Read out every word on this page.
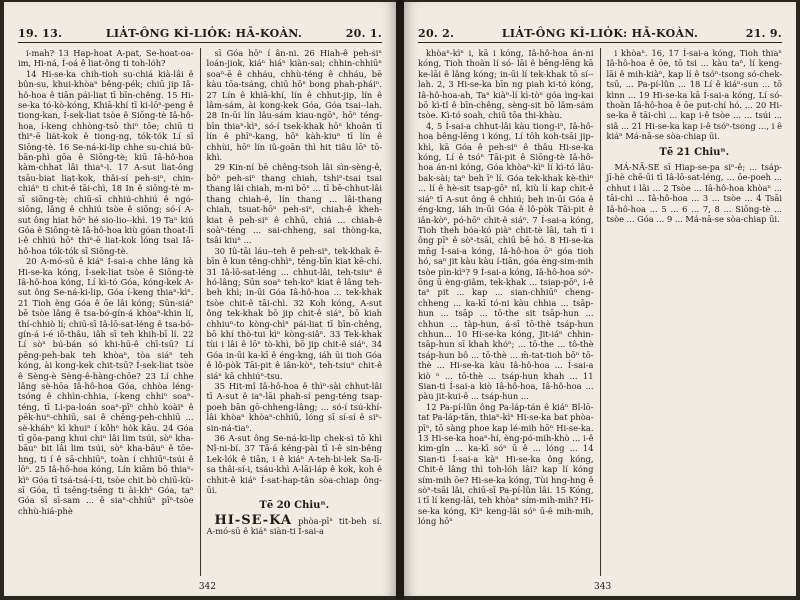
19. 13.	LIA̍T-ÔNG KÌ-LIO̍K: HĀ-KOÀN.	20. 1.

i-mah? 13 Hap-hoat A-pat, Se-hoat-oa-im, Hi-ná, Í-oá ê liat-ông ti toh-lóh?

14 Hi-se-ka chih-tioh su-chiá kià-lâi ê bûn-su, khui-khòaⁿ bêng-pék; chiū jip Iâ-hô-hoa ê tiān pái-liat tī bīn-chêng. 15 Hi-se-ka tó-kò-kóng, Khiā-khí tī ki-lōⁿ-peng ê tiong-kan, Í-sek-liat tsòe ê Siōng-tè Iâ-hô-hoa, í-keng chhòng-tsō thiⁿ tōe; chiū ti thiⁿ-ē lia̍t-kok ê tiong-ng, tók-tók Lí sī Siōng-tè. 16 Se-ná-ki-lip chhe su-chiá bû-bān-phì gōa ê Siōng-tè; kiū Iâ-hô-hoa kàm-chhat lâi thiaⁿ-i. 17 A-sut liat-ông tsāu-biat liat-kok, thâi-sí peh-siⁿ, chin-chiáⁿ ti chit-ê tāi-chì, 18 In ê siōng-tè m-sī siōng-tè; chiū-sī chhiú-chhiú ê ngó-siōng, lâng ê chhiú tsòe ê siōng; só-í A-sut ông hiat hōⁿ hé sio-lio--khì. 19 Taⁿ kiú Góa ê Siōng-tè Iâ-hô-hoa kiù góan thoat-lī i-ê chhiú hōⁿ thiⁿ-ē liat-kok lóng tsai Iâ-hô-hoa tók-tók sī Siōng-tè.

20 A-mó-sū ê kiáⁿ Í-sai-a chhe lâng kà Hi-se-ka kóng, Í-sek-liat tsòe ê Siōng-tè Iâ-hô-hoa kóng, Lí kì-tó Góa, kóng-kek A-sut ông Se-ná-ki-lip, Góa í-keng thiaⁿ-kìⁿ. 21 Tioh èng Góa ê ōe lâi kóng; Sūn-siáⁿ bē tsòe lâng ê tsa-bó-gín-á khòaⁿ-khin lí, thí-chhiò lí; chiū-sī Iâ-lō-sat-léng ê tsa-bó-gín-á i-é iō-thâu, iâh sī teh khih-bī lí. 22 Lí sòⁿ bú-bán só khi-hū-ê chī-tsū? Lí pēng-peh-bak teh khòaⁿ, tòa siáⁿ teh kóng, ài kong-kek chit-tsū? Í-sek-liat tsòe ê Sèng-è Sèng-ê-hàng-chōe? 23 Lí chhe lâng sè-hōa Iâ-hô-hoa Góa, chhòa léng-tsóng ê chhìn-chhia, í-keng chhiⁿ soaⁿ-téng, tī Li-pa-loán soaⁿ-pīⁿ chhò koàiⁿ ê pēk-huⁿ-chhiū, sai ê chēng-peh-chhiū ... sè-kháhⁿ kī khuiⁿ í kō̍hⁿ ho̍k kāu. 24 Góa tī gōa-pang khui chiⁿ lâi lim tsúi, sòⁿ kha-bāuⁿ bit lâi lim tsúi, sòⁿ kha-bāuⁿ ê tōe-hng, ti í ê sā-chhiūⁿ, toàn í chhiūⁿ-tsúi ê lōⁿ. 25 Iâ-hô-hoa kóng, Lín kiām bō thiaⁿ-kìⁿ Góa tī tsá-tsá-í-ti, tsòe chit bò chiū-kù-sī Góa, tī tsēng-tsēng ti ài-khⁿ Góa, taⁿ Góa sī sī-sam ... ê siaⁿ-chhiūⁿ pīⁿ-tsòe chhù-hiá-phè

sī Góa hōⁿ í ân-ni. 26 Hiah-ê peh-siⁿ loán-jiok, kiáⁿ hiáⁿ kiàn-sai; chhin-chhiūⁿ soaⁿ-ē ê chháu, chhù-téng ê chháu, bē kàu tōa-tsáng, chiū hōⁿ bong phah-pháiⁿ. 27 Lín ê khiā-khí, lín ê chhut-jip, lín ê lâm-sám, ài kong-kek Góa, Góa tsai--lah. 28 In-ūi lín lâu-sám kiau-ngōⁿ, hōⁿ téng-bīn thiaⁿ-kìⁿ, só-í tsek-khak hōⁿ khoân tī lín ê phīⁿ-kang, hōⁿ kàh-kiuⁿ tī lín ê chhùi, hōⁿ lín iû-goān thì hit tiâu lōⁿ tō-khì.

29 Kin-ní bē chêng-tsoh lâi sìn-sèng-ê, bōⁿ peh-siⁿ thang chiah, tshiⁿ-tsai tsai thang lâi chiah, m-ni bōⁿ ... tī bē-chhut-lâi thang chiah-ê, lín thang ... lâi-thang chiah, tsuat-hōⁿ peh-siⁿ, chiah-ê kheh-kiat ê peh-siⁿ ê chhū, chiá ... chiah-ê soàⁿ-téng ... sai-chheng, sai thòng-ka, tsâi kiuⁿ ...

30 Iû-tāi láu--teh ê peh-siⁿ, tek-khak ē-bīn ê kun têng-chhìⁿ, téng-bīn kiat kē-chí. 31 Iâ-lō-sat-léng ... chhut-lâi, teh-tsiuⁿ ê hó-lâng; Sūn soaⁿ teh-koⁿ kiat ê lâng teh-beh khì; in-ūi Góa Iâ-hô-hoa ... tek-khak tsòe chit-ê tāi-chì. 32 Koh kóng, A-sut ông tek-khak bō jip chit-ê siáⁿ, bō kiah chhiuⁿ-to kòng-chìⁿ pái-liat tī bīn-chêng, bō khí thò-tui kìⁿ kòng-siâⁿ. 33 Tek-khak tùi i lâi ê lōⁿ tò-khì, bō jip chit-ê siáⁿ. 34 Góa in-ūi ka-kī ê éng-kng, iáh ūi tioh Góa ê lô-pòk Tāi-pit ê iân-kòⁿ, teh-tsiuⁿ chit-ê siáⁿ kā chhiúⁿ-tsu.

35 Hit-mî Iâ-hô-hoa ê thìⁿ-sài chhut-lâi tī A-sut ê iaⁿ-lāi phah-sí peng-téng tsap-poeh bān gō-chheng-lâng; ... só-í tsú-khí-lâi khòaⁿ khòaⁿ-chhiū, lóng sī sí-sí ê siⁿ-sin-ná-tiaⁿ.

36 A-sut ông Se-ná-ki-lip chek-sì tō khì Nî-ni-bí. 37 Tā-á kéng-pài tī i-ê sin-bêng Lek-lók ê tiān, i ê kiáⁿ A-teh-bi-lek Sa-lī-sa thâi-sí-i, tsáu-khì A-lāi-láp ê kok, koh ê chhit-ê kiáⁿ Í-sat-hap-tân sòa-chiap ông-ūi.

Tē 20 Chiuⁿ.

HI-SE-KA phòa-pīⁿ tit-beh sí. A-mó-sū ê kiáⁿ siàn-ti Í-sai-a

342
20. 2.	LIA̍T-ÔNG KÌ-LIO̍K: HĀ-KOÀN.	21. 9.

khòaⁿ-kìⁿ i, kā i kóng, Iâ-hô-hoa án-ni kóng, Tioh thoàn lí só- lāi ê bēng-lēng kā ke-lāi ê lâng kóng; in-ūi lí tek-khak tō sí--lah. 2, 3 Hi-se-ka bīn ng piah ki-tó kóng, Iâ-hô-hoa-ah, Taⁿ kiàⁿ-lí kì-tòⁿ góa ìng-kai bō kì-tî ê bīn-chêng, sèng-sit bō lâm-sám tsòe. Kì-tó soah, chiū tōa thi-khàu.

4, 5 Í-sai-a chhut-lâi kàu tiong-iⁿ, Iâ-hô-hoa bêng-lēng i kóng, Lí tōh koh-tsāi jip-khì, kā Góa ê peh-siⁿ ê thâu Hi-se-ka kóng, Lí ê tsóⁿ Tāi-pit ê Siōng-tè Iâ-hô-hoa án-ni kóng, Góa khòaⁿ-kìⁿ lí kì-tó lâu-bak-sài; taⁿ beh īⁿ lí. Góa tek-khak kè-thìⁿ ... lí ê hè-sit tsap-gōⁿ nî, kiù lí kap chit-ê siáⁿ tī A-sut ông ê chhiú; beh in-ūi Góa ê éng-kng, iáh in-ūi Góa ê lô-pòk Tāi-pit ê iân-kòⁿ, pó-hōⁿ chit-ê siáⁿ. 7 Í-sai-a kóng, Tioh theh bo̍a-kó piàⁿ chit-tè lâi, tah tī i ông pīⁿ ê sòⁿ-tsāi, chiū bē hó. 8 Hi-se-ka mn̄g Í-sai-a kóng, Iâ-hô-hoa ōⁿ góa tioh hó, saⁿ jit kàu kàu í-tiān, góa èng-sim-mih tsòe pìn-kìⁿ? 9 Í-sai-a kóng, Iâ-hô-hoa sóⁿ-ōng ū èng-giâm, tek-khak ... tsiap-pōⁿ, i-ê taⁿ pit ... kap ... sian-chhiūⁿ cheng-chheng ... ka-kī tó-ni kàu chhia ... tsāp-hun ... tsāp ... tō-the sit tsāp-hun ... chhun ... tàp-hun, á-sī tō-thè tsáp-hun chhun... 10 Hi-se-ka kóng, Jit-iáⁿ chhin-tsāp-hun sī khah khóⁿ; ... tō-the ... tô-thè tsáp-hun bô ... tō-thè ... m̄-tat-tioh bōⁿ tō-thè ... Hi-se-ka kàu Iâ-hô-hoa ... Í-sai-a kiò ⁿ ... tō-thè ... tsáp-hun khah ... 11 Sian-ti Í-sai-a kiò Iâ-hô-hoa, Iâ-hô-hoa ... pàu jit-kui-ê ... tsáp-hun ...

12 Pa-pí-lûn ông Pa-láp-tán ê kiáⁿ Bî-lō-tat Pa-láp-tān, thiaⁿ-kìⁿ Hi-se-ka bat phòa-pīⁿ, tō sàng phoe kap lé-mih hōⁿ Hi-se-ka. 13 Hi-se-ka hoaⁿ-hí, èng-pó-mih-khò ... i-ê kim-gîn ... ka-kī sóⁿ ū ê ... lóng ... 14 Sian-ti Í-sai-a kàⁿ Hi-se-ka ông kóng, Chit-ê lâng thì toh-lóh lâi? kap lí kóng sím-mih ōe? Hi-se-ka kóng, Tùi hng-hng ê sòⁿ-tsāi lâi, chiū-sī Pa-pí-lûn lâi. 15 Kóng, i tī lí keng-lāi, teh khòaⁿ sím-mih-mih? Hi-se-ka kóng, Kìⁿ keng-lāi sóⁿ ū-ê mih-mih, lóng hōⁿ

i khòaⁿ. 16, 17 Í-sai-a kóng, Tioh thiaⁿ Iâ-hô-hoa ê ōe, tō tsi ... kàu taⁿ, lí keng-lāi ê mih-kiàⁿ, kap lí ê tsóⁿ-tsong só-chek-tsū, ... Pa-pí-lûn ... 18 Lí ê kiáⁿ-sun ... tō kìnn ... 19 Hi-se-ka kā Í-sai-a kóng, Lí só-thoàn Iâ-hô-hoa ê ōe put-chí hó. ... 20 Hi-se-ka ê tāi-chì ... kap i-ê tsòe ... ... tsúi ... siâ ... 21 Hi-se-ka kap i-ê tsóⁿ-tsong ..., i ê kiáⁿ Má-nā-se sòa-chiap ūi.

Tē 21 Chiuⁿ.

MÁ-NĀ-SE sī Hiap-se-pa siⁿ-ê; ... tsáp-jī-hè chē-ūi tī Iâ-lō-sat-léng, ... ōe-poeh ... chhut i lâi ... 2 Tsòe ... Iâ-hô-hoa khòaⁿ ... tāi-chì ... Iâ-hô-hoa ... 3 ... tsòe ... 4 Tsāi Iâ-hô-hoa ... 5 ... 6 ... 7, 8 ... Siōng-tè ... tsòe ... Góa ... 9 ... Má-nā-se sòa-chiap ūi.

343
